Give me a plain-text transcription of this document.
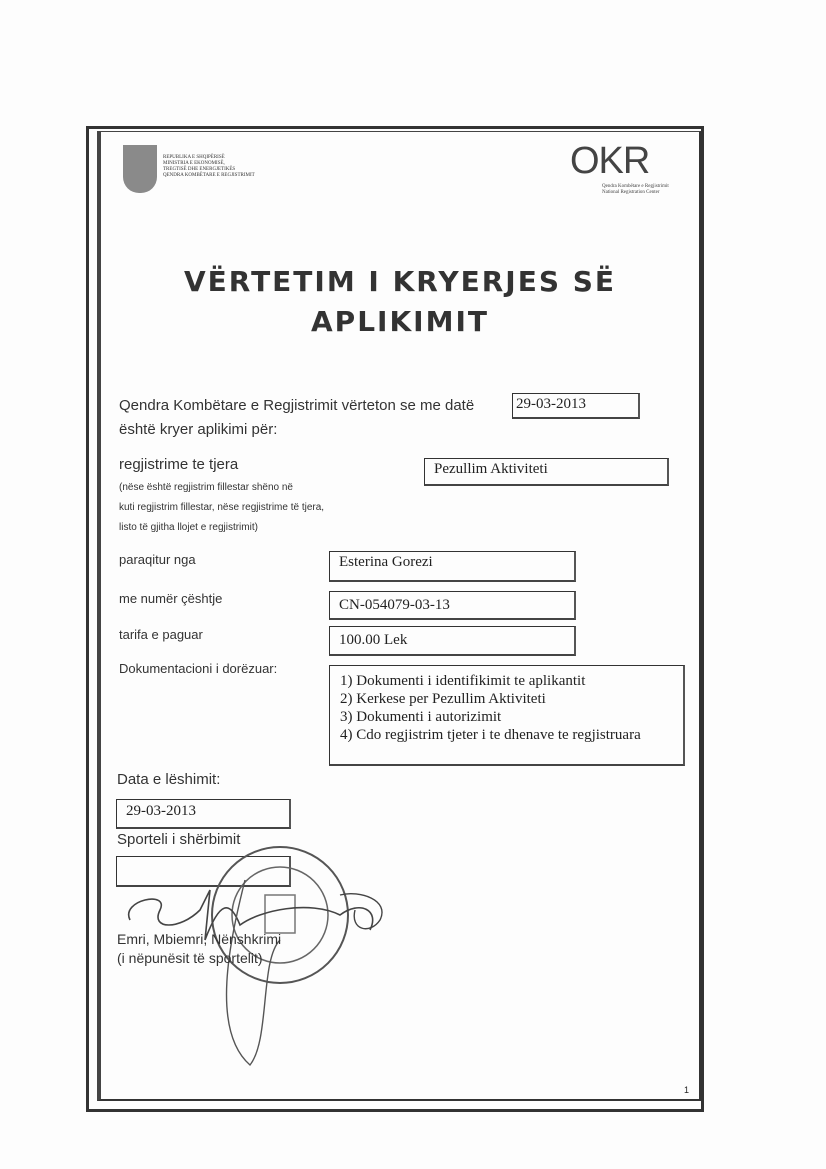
REPUBLIKA E SHQIPËRISË
MINISTRIA E EKONOMISË,
TREGTISË DHE ENERGJETIKËS
QENDRA KOMBËTARE E REGJISTRIMIT	OKR
Qendra Kombëtare e Regjistrimit
National Registration Center
VËRTETIM I KRYERJES SË
APLIKIMIT
Qendra Kombëtare e Regjistrimit vërteton se me datë	29-03-2013
është kryer aplikimi për:
regjistrime te tjera
(nëse është regjistrim fillestar shëno në
kuti regjistrim fillestar, nëse regjistrime të tjera,
listo të gjitha llojet e regjistrimit)
Pezullim Aktiviteti
paraqitur nga	Esterina Gorezi
me numër çështje	CN-054079-03-13
tarifa e paguar	100.00 Lek
Dokumentacioni i dorëzuar:
1) Dokumenti i identifikimit te aplikantit
2) Kerkese per Pezullim Aktiviteti
3) Dokumenti i autorizimit
4) Cdo regjistrim tjeter i te dhenave te regjistruara
Data e lëshimit:
29-03-2013
Sporteli i shërbimit
Emri, Mbiemri, Nënshkrimi
(i nëpunësit të sportelit)
1
